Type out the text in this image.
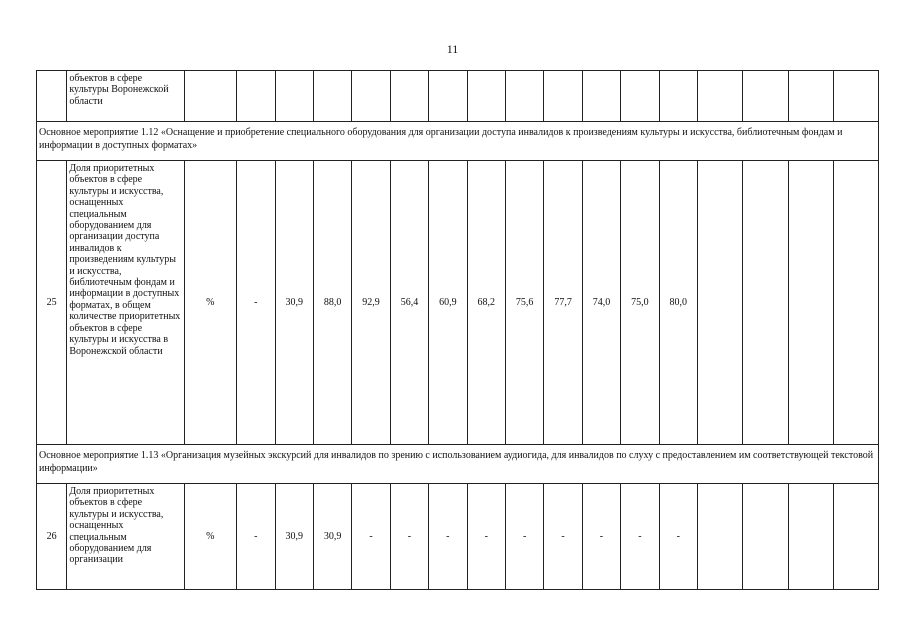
11
	объектов в сфере культуры Воронежской области																	
Основное мероприятие 1.12 «Оснащение и приобретение специального оборудования для организации доступа инвалидов к произведениям культуры и искусства, библиотечным фондам и информации в доступных форматах»																		
25	Доля приоритетных объектов в сфере культуры и искусства, оснащенных специальным оборудованием для организации доступа инвалидов к произведениям культуры и искусства, библиотечным фондам и информации в доступных форматах, в общем количестве приоритетных объектов в сфере культуры и искусства в Воронежской области	%	-	30,9	88,0	92,9	56,4	60,9	68,2	75,6	77,7	74,0	75,0	80,0				
Основное мероприятие 1.13 «Организация музейных экскурсий для инвалидов по зрению с использованием аудиогида, для инвалидов по слуху с предоставлением им соответствующей текстовой информации»																		
26	Доля приоритетных объектов в сфере культуры и искусства, оснащенных специальным оборудованием для организации	%	-	30,9	30,9	-	-	-	-	-	-	-	-	-				
